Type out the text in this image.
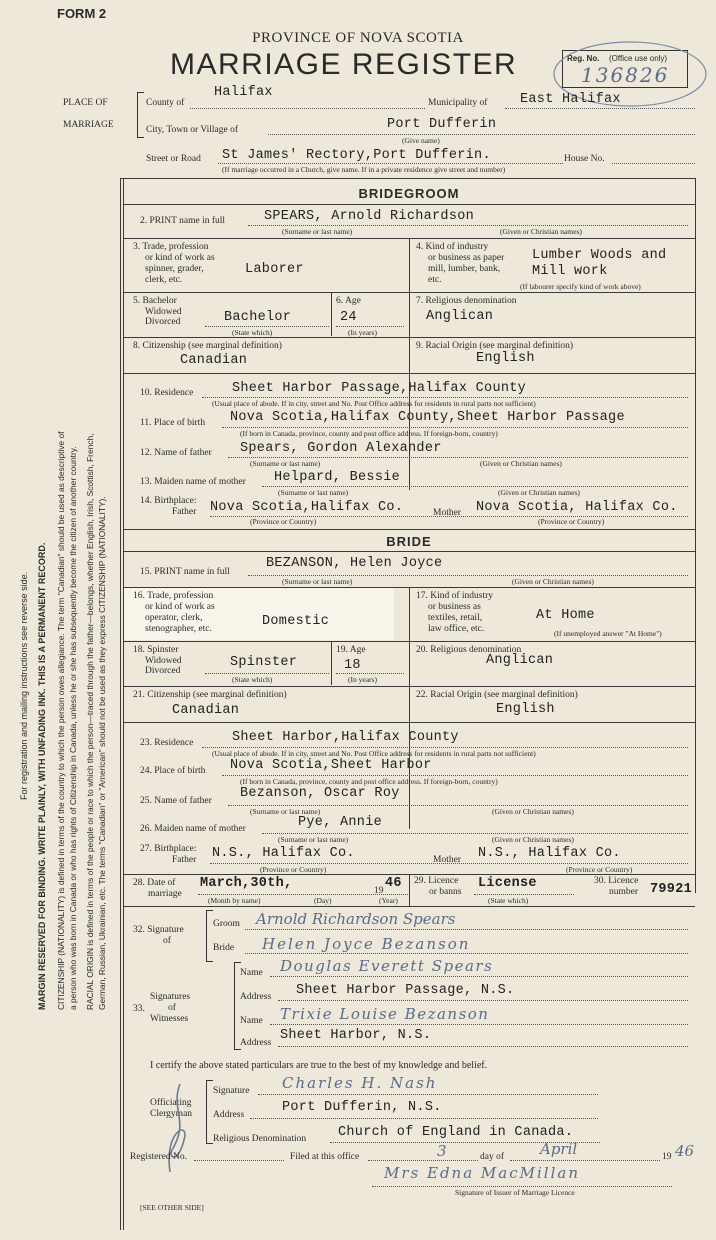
FORM 2
PROVINCE OF NOVA SCOTIA
MARRIAGE REGISTER	Reg. No. (Office use only)
136826
PLACE OF
MARRIAGE
County of
Halifax
Municipality of East Halifax
City, Town or Village of	Port Dufferin
(Give name)
Street or Road St James' Rectory,Port Dufferin.	House No.
(If marriage occurred in a Church, give name. If in a private residence give street and number)
MARGIN RESERVED FOR BINDING. WRITE PLAINLY, WITH UNFADING INK. THIS IS A PERMANENT RECORD.
For registration and mailing instructions see reverse side.	CITIZENSHIP (NATIONALITY) is defined in terms of the country to which the person owes allegiance. The term "Canadian" should be used as descriptive of a person who was born in Canada or who has rights of Citizenship in Canada, unless he or she has subsequently become the citizen of another country. RACIAL ORIGIN is defined in terms of the people or race to which the person—traced through the father—belongs, whether English, Irish, Scottish, French, German, Russian, Ukrainian, etc. The terms "Canadian" or "American" should not be used as they express CITIZENSHIP (NATIONALITY).
BRIDEGROOM
2. PRINT name in full	SPEARS, Arnold Richardson
(Surname or last name)	(Given or Christian names)
3. Trade, profession
or kind of work as
spinner, grader,
clerk, etc.
Laborer
4. Kind of industry
or business as paper
mill, lumber, bank,
etc.
Lumber Woods and
Mill work
(If labourer specify kind of work above)
5. Bachelor
Widowed
Divorced	Bachelor
(State which)
6. Age
24
(In years)
7. Religious denomination
Anglican
8. Citizenship (see marginal definition)
Canadian
9. Racial Origin (see marginal definition)
English
10. Residence	Sheet Harbor Passage,Halifax County
(Usual place of abode. If in city, street and No. Post Office address for residents in rural parts not sufficient)
11. Place of birth Nova Scotia,Halifax County,Sheet Harbor Passage
(If born in Canada, province, county and post office address. If foreign-born, country)
12. Name of father Spears, Gordon Alexander
(Surname or last name)	(Given or Christian names)
13. Maiden name of mother Helpard, Bessie
(Surname or last name)	(Given or Christian names)
14. Birthplace:
Father Nova Scotia,Halifax Co.	Mother Nova Scotia, Halifax Co.
(Province or Country)	(Province or Country)
BRIDE
15. PRINT name in full
BEZANSON, Helen Joyce
(Surname or last name)	(Given or Christian names)
16. Trade, profession
or kind of work as
operator, clerk,
stenographer, etc.	Domestic
17. Kind of industry
or business as
textiles, retail,
law office, etc.
At Home
(If unemployed answer "At Home")
18. Spinster
Widowed
Divorced
Spinster
(State which)
19. Age
18
(In years)
20. Religious denomination
Anglican
21. Citizenship (see marginal definition)
Canadian
22. Racial Origin (see marginal definition)
English
23. Residence	Sheet Harbor,Halifax County
(Usual place of abode. If in city, street and No. Post Office address for residents in rural parts not sufficient)
24. Place of birth Nova Scotia,Sheet Harbor
(If born in Canada, province, county and post office address. If foreign-born, country)
25. Name of father Bezanson, Oscar Roy
(Surname or last name)	(Given or Christian names)
26. Maiden name of mother	Pye, Annie
(Surname or last name)	(Given or Christian names)
27. Birthplace:
Father N.S., Halifax Co.	Mother N.S., Halifax Co.
(Province or Country)	(Province or Country)
28. Date of
marriage
March,30th,	19 46
(Month by name)	(Day)	(Year)
29. Licence
or banns
License
(State which)
30. Licence
number 79921
32. Signature
of
Groom Arnold Richardson Spears
Bride Helen Joyce Bezanson
Signatures
of
33.
Witnesses
Name Douglas Everett Spears
Address Sheet Harbor Passage, N.S.
Name Trixie Louise Bezanson
Address Sheet Harbor, N.S.
I certify the above stated particulars are true to the best of my knowledge and belief.
Officiating
Clergyman
Signature Charles H. Nash
Address	Port Dufferin, N.S.
Religious Denomination Church of England in Canada.
Registered No.	Filed at this office	3	day of April	19 46
Mrs Edna MacMillan
Signature of Issuer of Marriage Licence
[SEE OTHER SIDE]
